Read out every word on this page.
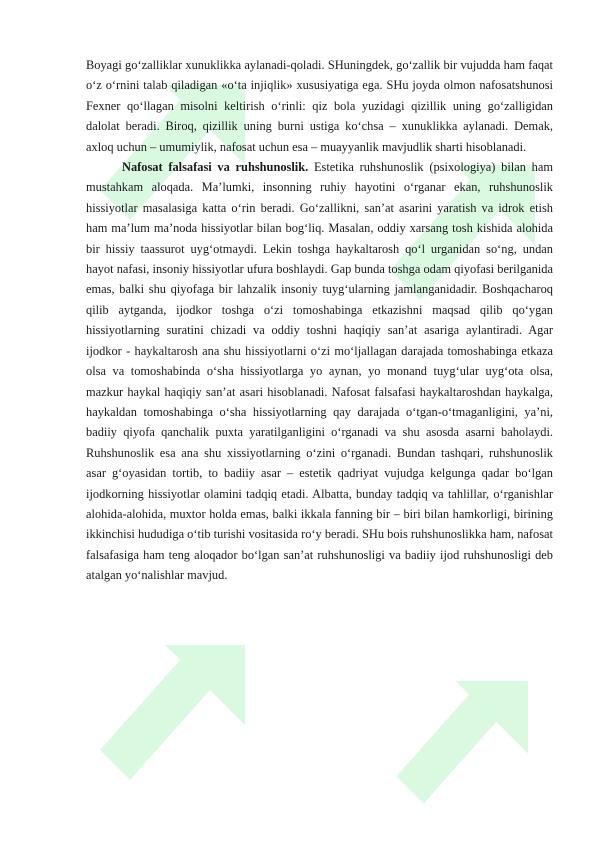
Boyagi go‘zalliklar xunuklikka aylanadi-qoladi. SHuningdek, go‘zallik bir vujudda ham faqat o‘z o‘rnini talab qiladigan «o‘ta injiqlik» xususiyatiga ega. SHu joyda olmon nafosatshunosi Fexner qo‘llagan misolni keltirish o‘rinli: qiz bola yuzidagi qizillik uning go‘zalligidan dalolat beradi. Biroq, qizillik uning burni ustiga ko‘chsa – xunuklikka aylanadi. Demak, axloq uchun – umumiylik, nafosat uchun esa – muayyanlik mavjudlik sharti hisoblanadi.

Nafosat falsafasi va ruhshunoslik. Estetika ruhshunoslik (psixologiya) bilan ham mustahkam aloqada. Ma’lumki, insonning ruhiy hayotini o‘rganar ekan, ruhshunoslik hissiyotlar masalasiga katta o‘rin beradi. Go‘zallikni, san’at asarini yaratish va idrok etish ham ma’lum ma’noda hissiyotlar bilan bog‘liq. Masalan, oddiy xarsang tosh kishida alohida bir hissiy taassurot uyg‘otmaydi. Lekin toshga haykaltarosh qo‘l urganidan so‘ng, undan hayot nafasi, insoniy hissiyotlar ufura boshlaydi. Gap bunda toshga odam qiyofasi berilganida emas, balki shu qiyofaga bir lahzalik insoniy tuyg‘ularning jamlanganidadir. Boshqacharoq qilib aytganda, ijodkor toshga o‘zi tomoshabinga etkazishni maqsad qilib qo‘ygan hissiyotlarning suratini chizadi va oddiy toshni haqiqiy san’at asariga aylantiradi. Agar ijodkor - haykaltarosh ana shu hissiyotlarni o‘zi mo‘ljallagan darajada tomoshabinga etkaza olsa va tomoshabinda o‘sha hissiyotlarga yo aynan, yo monand tuyg‘ular uyg‘ota olsa, mazkur haykal haqiqiy san’at asari hisoblanadi. Nafosat falsafasi haykaltaroshdan haykalga, haykaldan tomoshabinga o‘sha hissiyotlarning qay darajada o‘tgan-o‘tmaganligini, ya’ni, badiiy qiyofa qanchalik puxta yaratilganligini o‘rganadi va shu asosda asarni baholaydi. Ruhshunoslik esa ana shu xissiyotlarning o‘zini o‘rganadi. Bundan tashqari, ruhshunoslik asar g‘oyasidan tortib, to badiiy asar – estetik qadriyat vujudga kelgunga qadar bo‘lgan ijodkorning hissiyotlar olamini tadqiq etadi. Albatta, bunday tadqiq va tahlillar, o‘rganishlar alohida-alohida, muxtor holda emas, balki ikkala fanning bir – biri bilan hamkorligi, birining ikkinchisi hududiga o‘tib turishi vositasida ro‘y beradi. SHu bois ruhshunoslikka ham, nafosat falsafasiga ham teng aloqador bo‘lgan san’at ruhshunosligi va badiiy ijod ruhshunosligi deb atalgan yo‘nalishlar mavjud.
